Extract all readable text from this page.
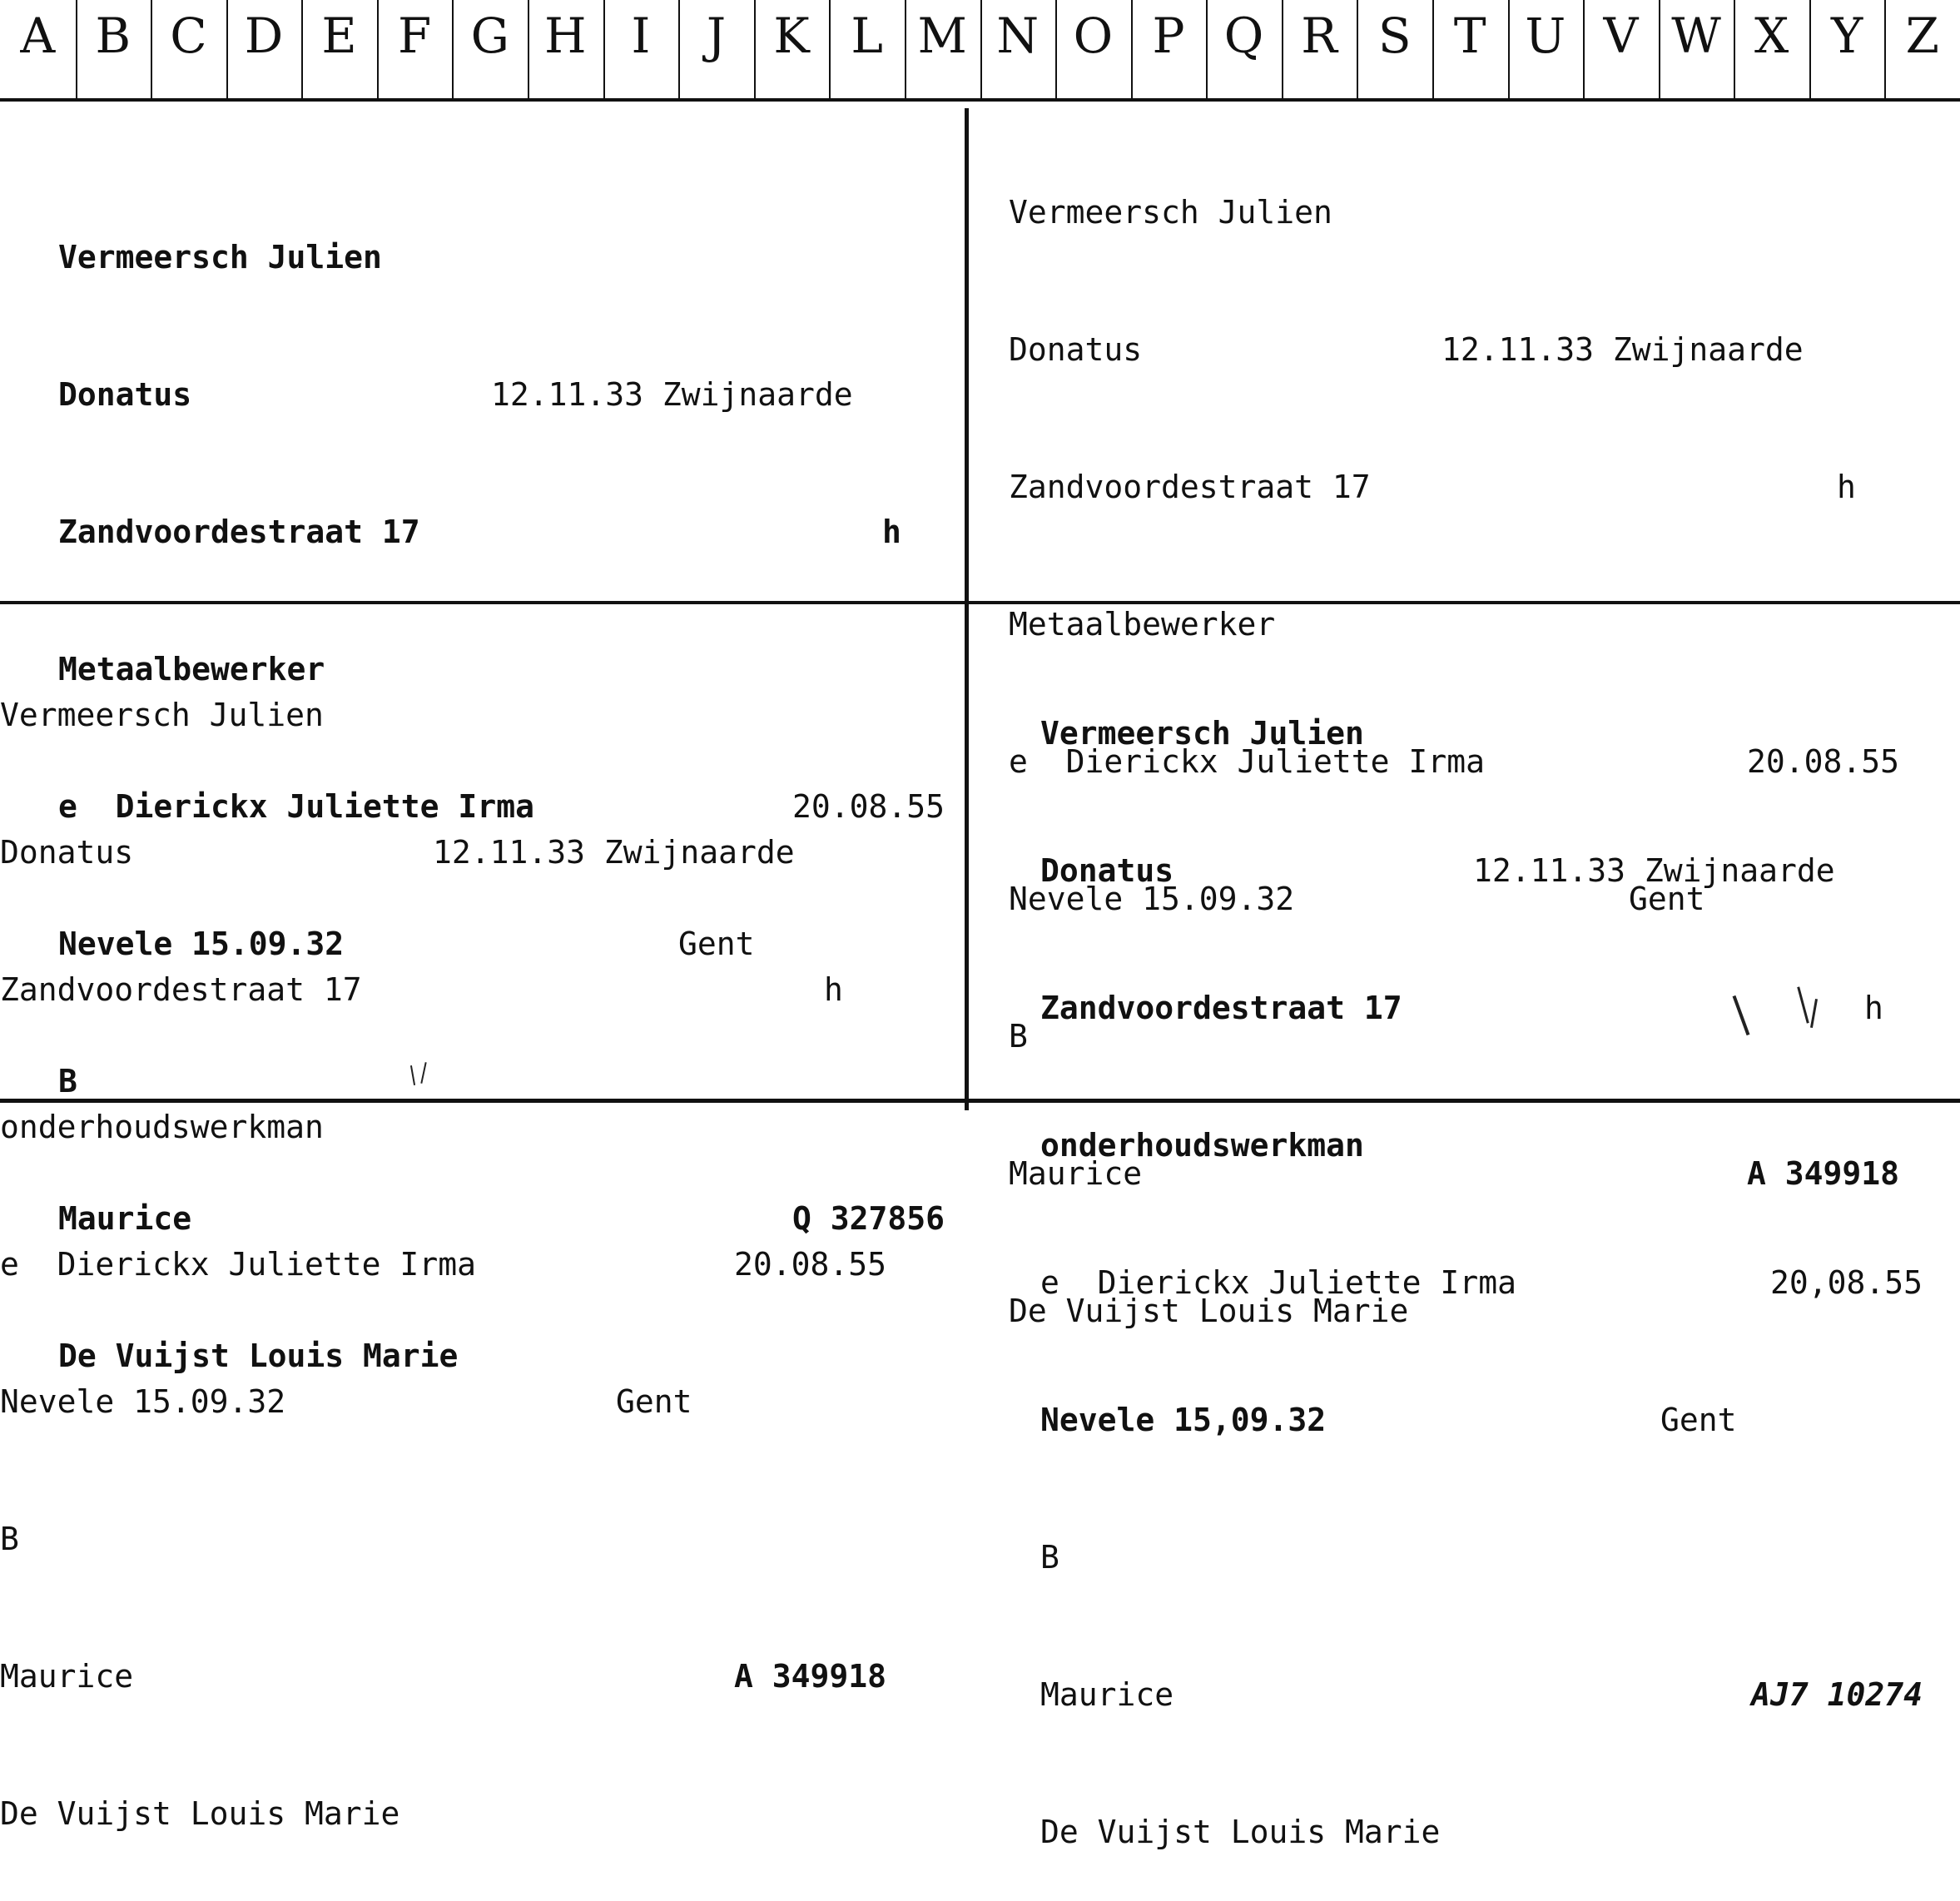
A B C D E F G H I	J K L M N O P Q R S T U V W X Y Z

Vermeersch Julien

Donatus	12.11.33 Zwijnaarde

Zandvoordestraat 17	h

Metaalbewerker

e  Dierickx Juliette Irma	20.08.55

Nevele 15.09.32	Gent

B

Maurice	Q 327856

De Vuijst Louis Marie

Vermeersch Julien

Donatus	12.11.33 Zwijnaarde

Zandvoordestraat 17	h

Metaalbewerker

e  Dierickx Juliette Irma	20.08.55

Nevele 15.09.32	Gent

B

Maurice	A 349918

De Vuijst Louis Marie

Vermeersch Julien

Donatus	12.11.33 Zwijnaarde

Zandvoordestraat 17	h

onderhoudswerkman

e  Dierickx Juliette Irma	20.08.55

Nevele 15.09.32	Gent

B

Maurice	A 349918

De Vuijst Louis Marie

Vermeersch Julien

Donatus	12.11.33 Zwijnaarde

Zandvoordestraat 17	h

onderhoudswerkman

e  Dierickx Juliette Irma	20,08.55

Nevele 15,09.32	Gent

B

Maurice	AJ7 10274

De Vuijst Louis Marie
